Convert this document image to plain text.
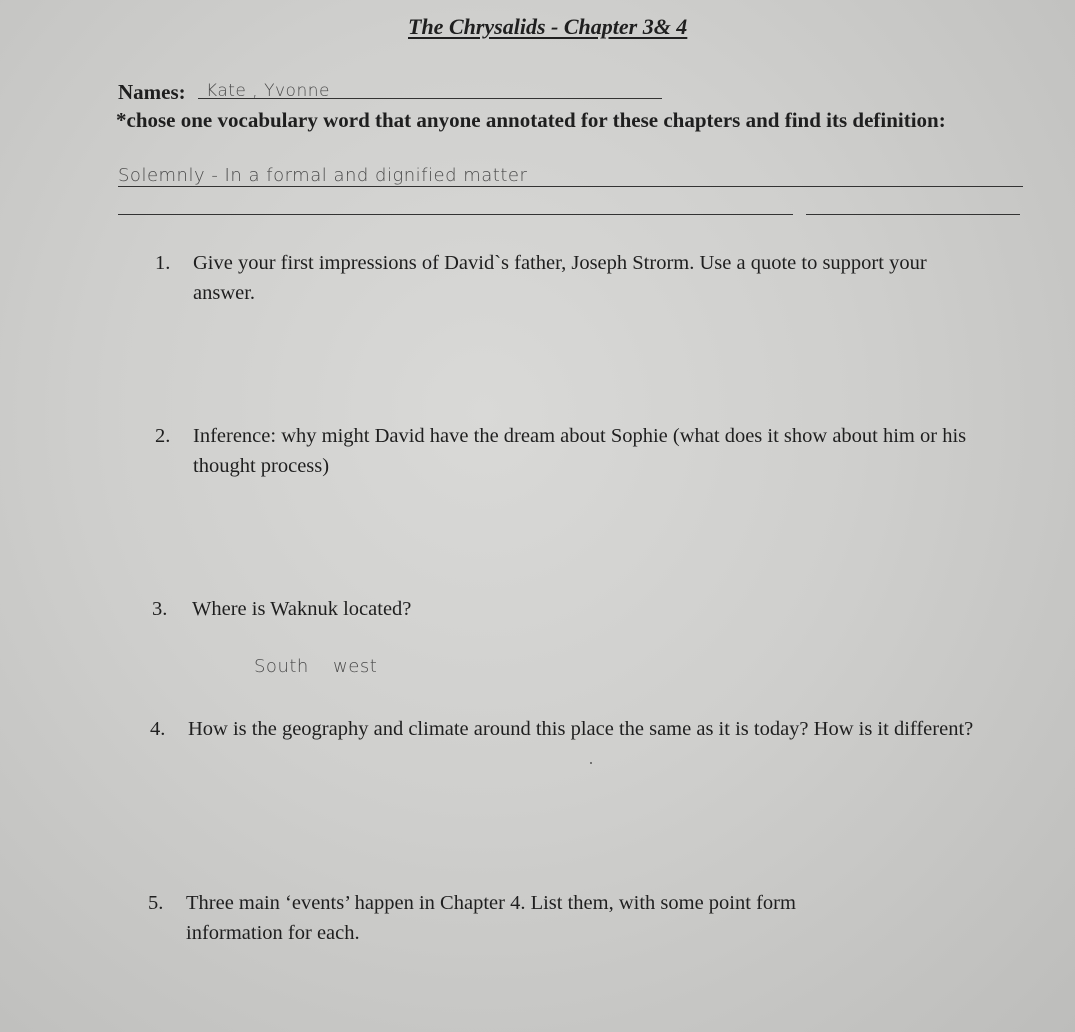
The Chrysalids - Chapter 3& 4
Names: Kate , Yvonne
*chose one vocabulary word that anyone annotated for these chapters and find its definition:
Solemnly - In a formal and dignified matter
1. Give your first impressions of David`s father, Joseph Strorm. Use a quote to support your answer.
2. Inference: why might David have the dream about Sophie (what does it show about him or his thought process)
3. Where is Waknuk located?
South west
4. How is the geography and climate around this place the same as it is today? How is it different?
5. Three main ‘events’ happen in Chapter 4. List them, with some point form information for each.
